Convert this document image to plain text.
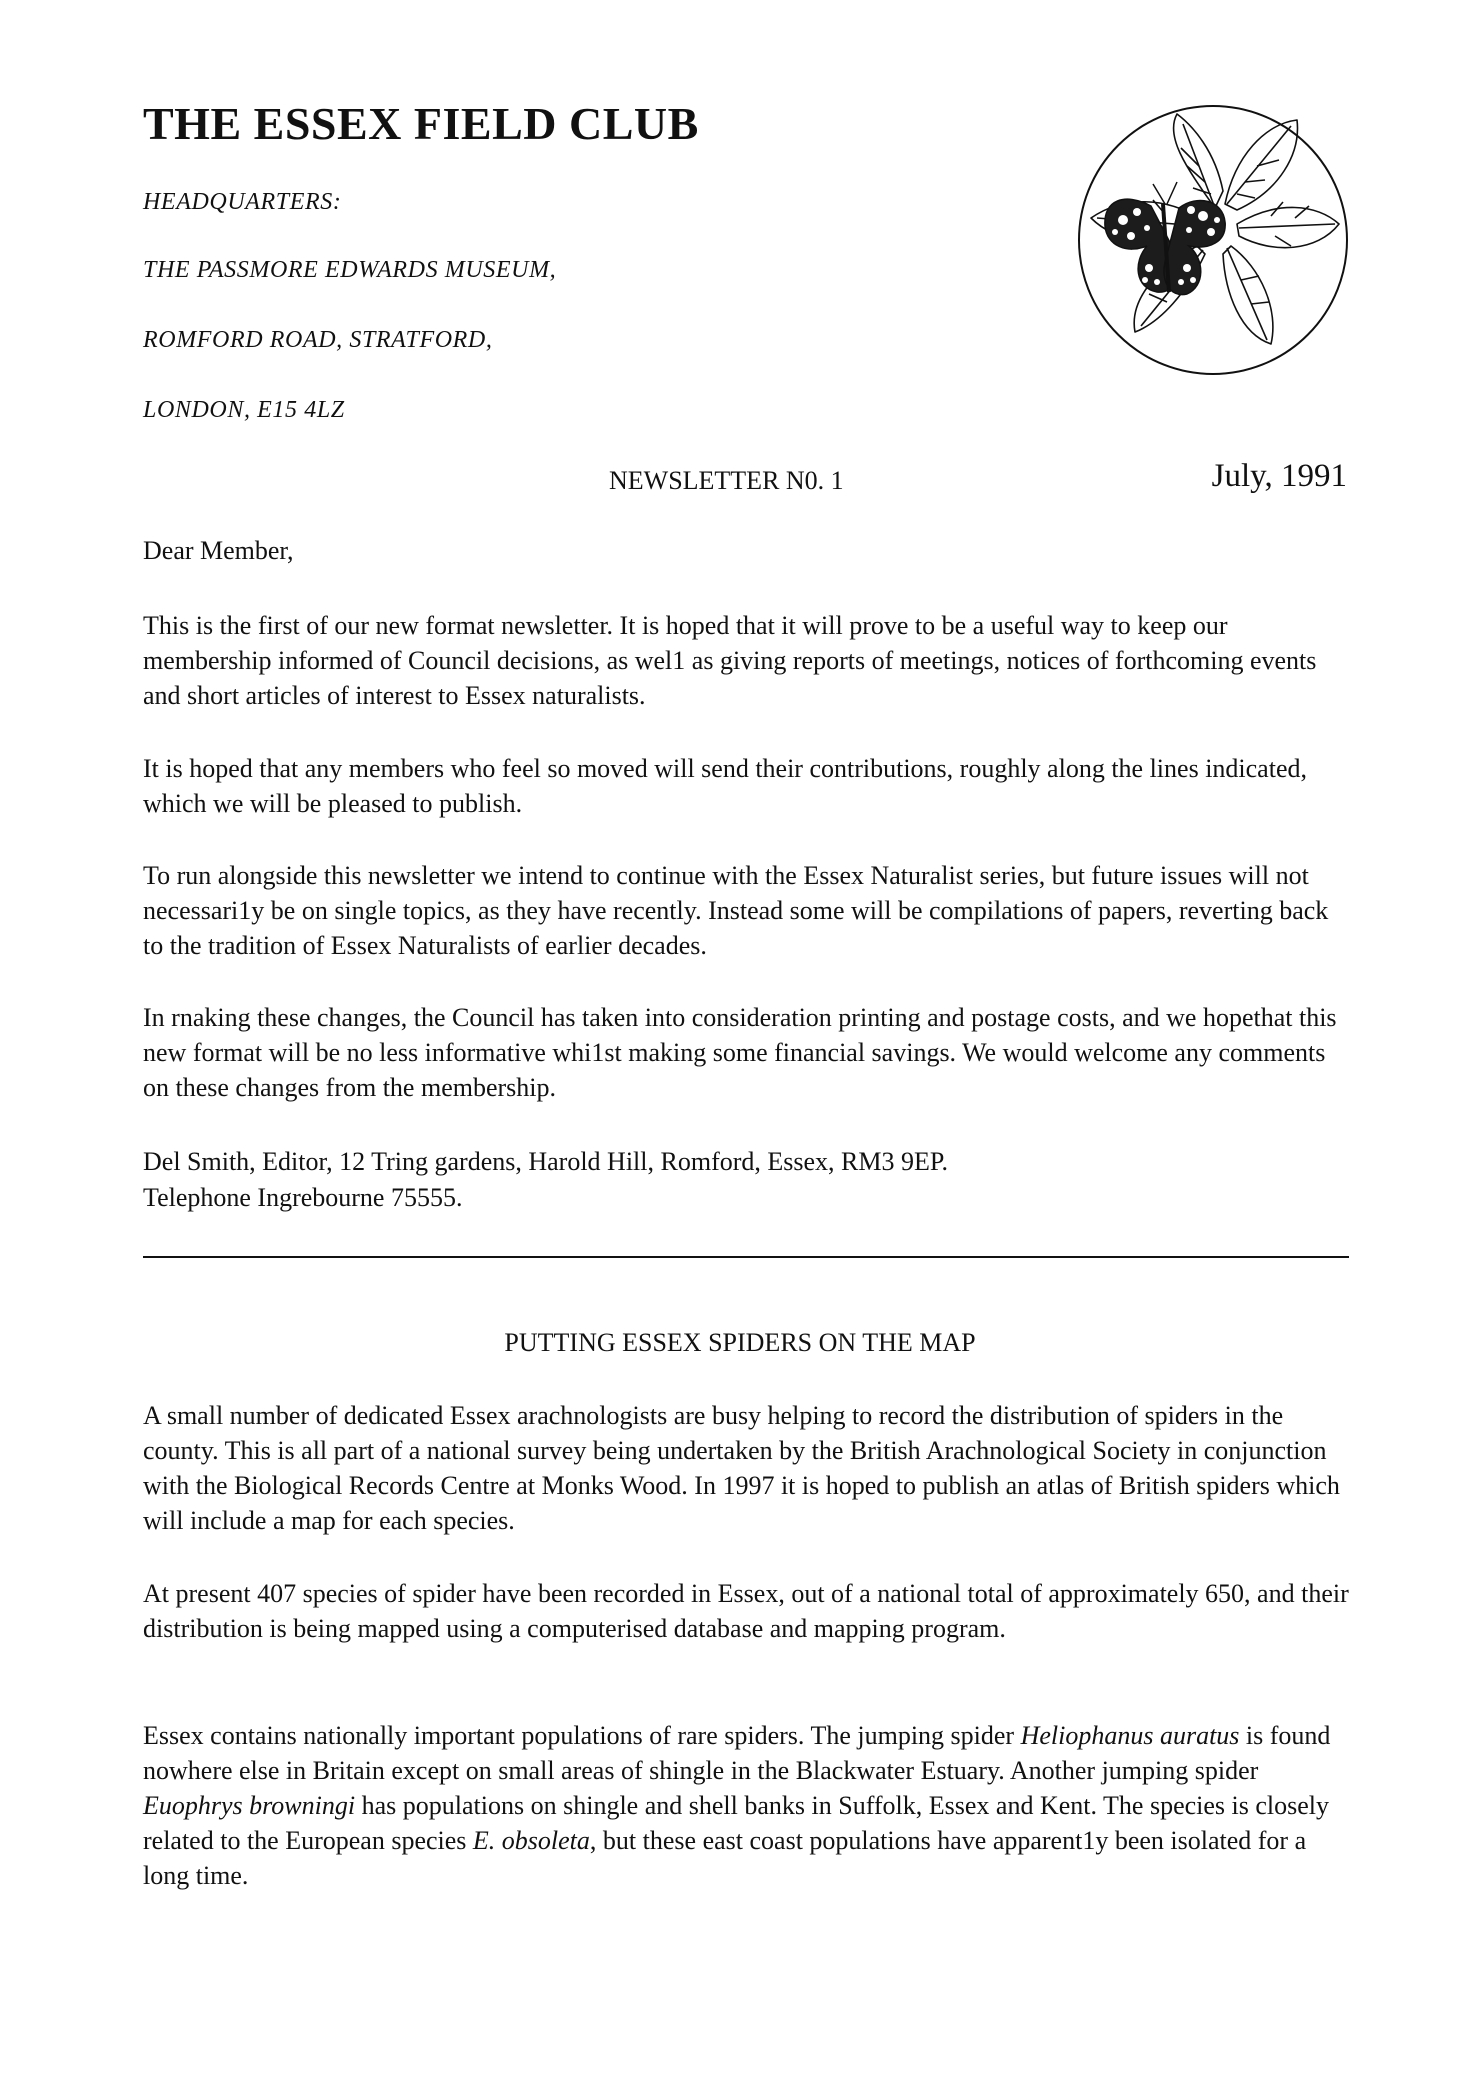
THE ESSEX FIELD CLUB

HEADQUARTERS:

THE PASSMORE EDWARDS MUSEUM,

ROMFORD ROAD, STRATFORD,

LONDON, E15 4LZ

NEWSLETTER N0. 1	July, 1991

Dear Member,

This is the first of our new format newsletter. It is hoped that it will prove to be a useful way to keep our membership informed of Council decisions, as wel1 as giving reports of meetings, notices of forthcoming events and short articles of interest to Essex naturalists.

It is hoped that any members who feel so moved will send their contributions, roughly along the lines indicated, which we will be pleased to publish.

To run alongside this newsletter we intend to continue with the Essex Naturalist series, but future issues will not necessari1y be on single topics, as they have recently. Instead some will be compilations of papers, reverting back to the tradition of Essex Naturalists of earlier decades.

In rnaking these changes, the Council has taken into consideration printing and postage costs, and we hopethat this new format will be no less informative whi1st making some financial savings. We would welcome any comments on these changes from the membership.

Del Smith, Editor, 12 Tring gardens, Harold Hill, Romford, Essex, RM3 9EP.

Telephone Ingrebourne 75555.

PUTTING ESSEX SPIDERS ON THE MAP

A small number of dedicated Essex arachnologists are busy helping to record the distribution of spiders in the county. This is all part of a national survey being undertaken by the British Arachnological Society in conjunction with the Biological Records Centre at Monks Wood. In 1997 it is hoped to publish an atlas of British spiders which will include a map for each species.

At present 407 species of spider have been recorded in Essex, out of a national total of approximately 650, and their distribution is being mapped using a computerised database and mapping program.

Essex contains nationally important populations of rare spiders. The jumping spider Heliophanus auratus is found nowhere else in Britain except on small areas of shingle in the Blackwater Estuary. Another jumping spider Euophrys browningi has populations on shingle and shell banks in Suffolk, Essex and Kent. The species is closely related to the European species E. obsoleta, but these east coast populations have apparent1y been isolated for a long time.
